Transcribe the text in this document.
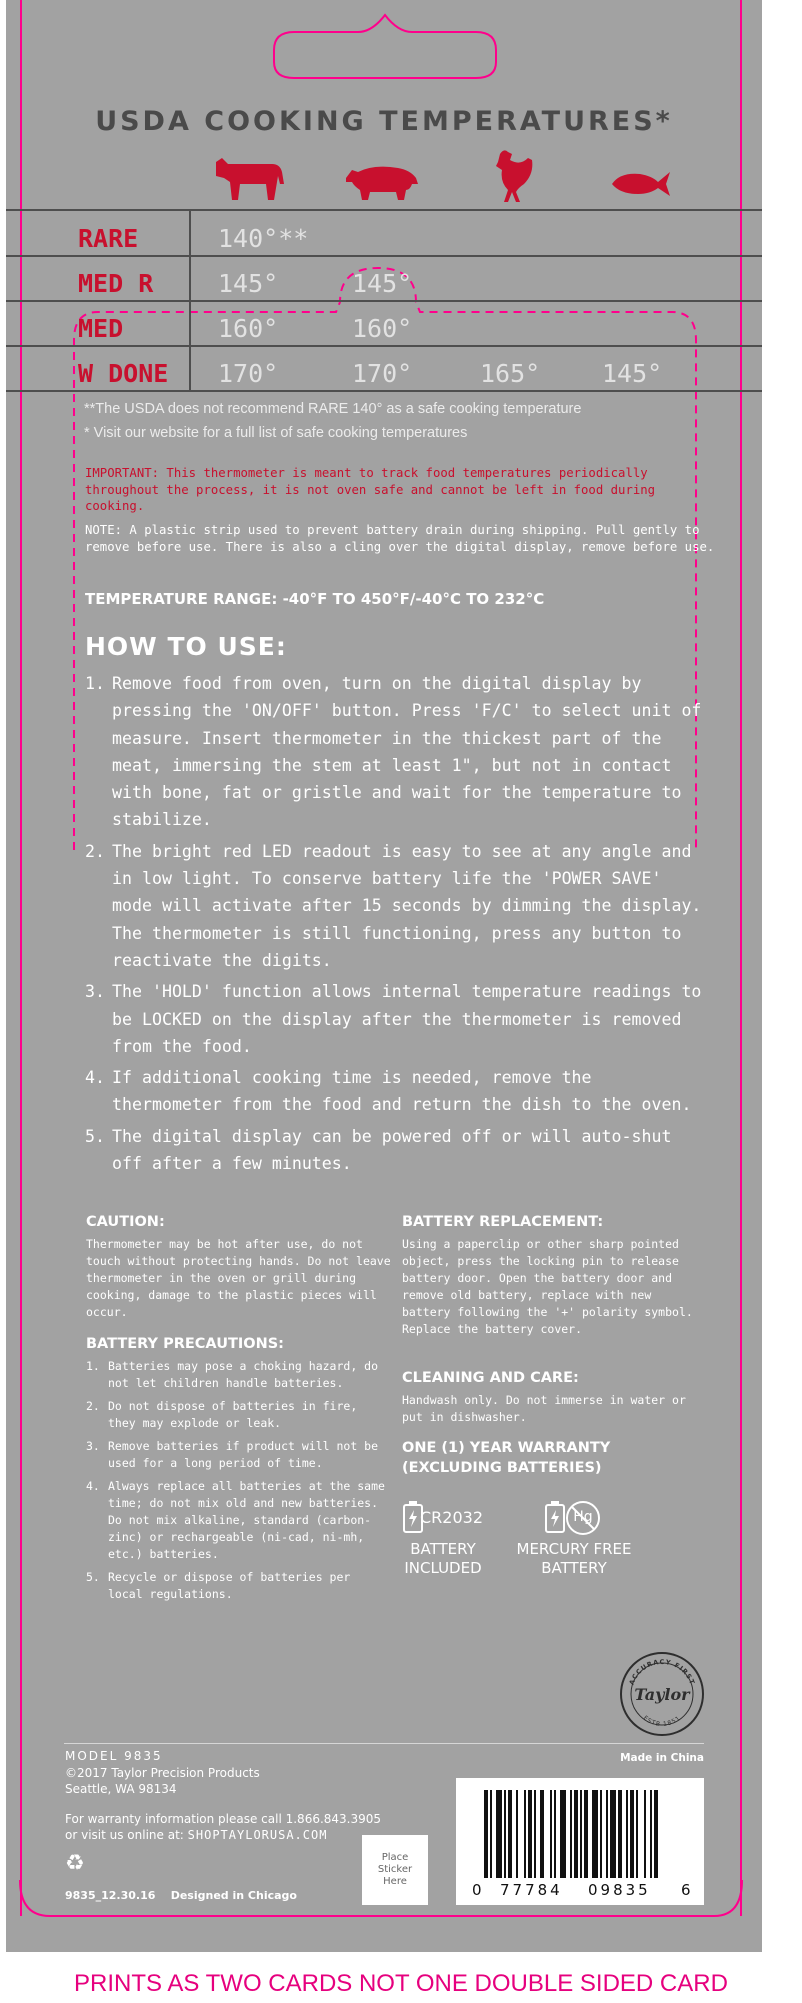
USDA COOKING TEMPERATURES*
RARE	140°**
MED R	145°	145°
MED	160°	160°
W DONE 170°	170°	165° 145°
**The USDA does not recommend RARE 140° as a safe cooking temperature
* Visit our website for a full list of safe cooking temperatures
IMPORTANT: This thermometer is meant to track food temperatures periodically throughout the process, it is not oven safe and cannot be left in food during cooking.
NOTE: A plastic strip used to prevent battery drain during shipping. Pull gently to remove before use. There is also a cling over the digital display, remove before use.
TEMPERATURE RANGE: -40°F TO 450°F/-40°C TO 232°C
HOW TO USE:
1. Remove food from oven, turn on the digital display by pressing the 'ON/OFF' button. Press 'F/C' to select unit of measure. Insert thermometer in the thickest part of the meat, immersing the stem at least 1", but not in contact with bone, fat or gristle and wait for the temperature to stabilize.
2. The bright red LED readout is easy to see at any angle and in low light. To conserve battery life the 'POWER SAVE' mode will activate after 15 seconds by dimming the display. The thermometer is still functioning, press any button to reactivate the digits.
3. The 'HOLD' function allows internal temperature readings to be LOCKED on the display after the thermometer is removed from the food.
4. If additional cooking time is needed, remove the thermometer from the food and return the dish to the oven.
5. The digital display can be powered off or will auto-shut off after a few minutes.
CAUTION:
Thermometer may be hot after use, do not touch without protecting hands. Do not leave thermometer in the oven or grill during cooking, damage to the plastic pieces will occur.
BATTERY PRECAUTIONS:
1. Batteries may pose a choking hazard, do not let children handle batteries.
2. Do not dispose of batteries in fire, they may explode or leak.
3. Remove batteries if product will not be used for a long period of time.
4. Always replace all batteries at the same time; do not mix old and new batteries. Do not mix alkaline, standard (carbon-zinc) or rechargeable (ni-cad, ni-mh, etc.) batteries.
5. Recycle or dispose of batteries per local regulations.
BATTERY REPLACEMENT:
Using a paperclip or other sharp pointed object, press the locking pin to release battery door. Open the battery door and remove old battery, replace with new battery following the '+' polarity symbol. Replace the battery cover.
CLEANING AND CARE:
Handwash only. Do not immerse in water or put in dishwasher.
ONE (1) YEAR WARRANTY
(EXCLUDING BATTERIES)
CR2032
BATTERY
INCLUDED
Hg
MERCURY FREE
BATTERY
ACCURACY FIRST
ESTB 1851
Taylor
MODEL 9835	Made in China
©2017 Taylor Precision Products
Seattle, WA 98134
For warranty information please call 1.866.843.3905
or visit us online at: SHOPTAYLORUSA.COM
♻
9835_12.30.16    Designed in Chicago
Place Sticker Here	0 77784 09835 6
PRINTS AS TWO CARDS NOT ONE DOUBLE SIDED CARD
